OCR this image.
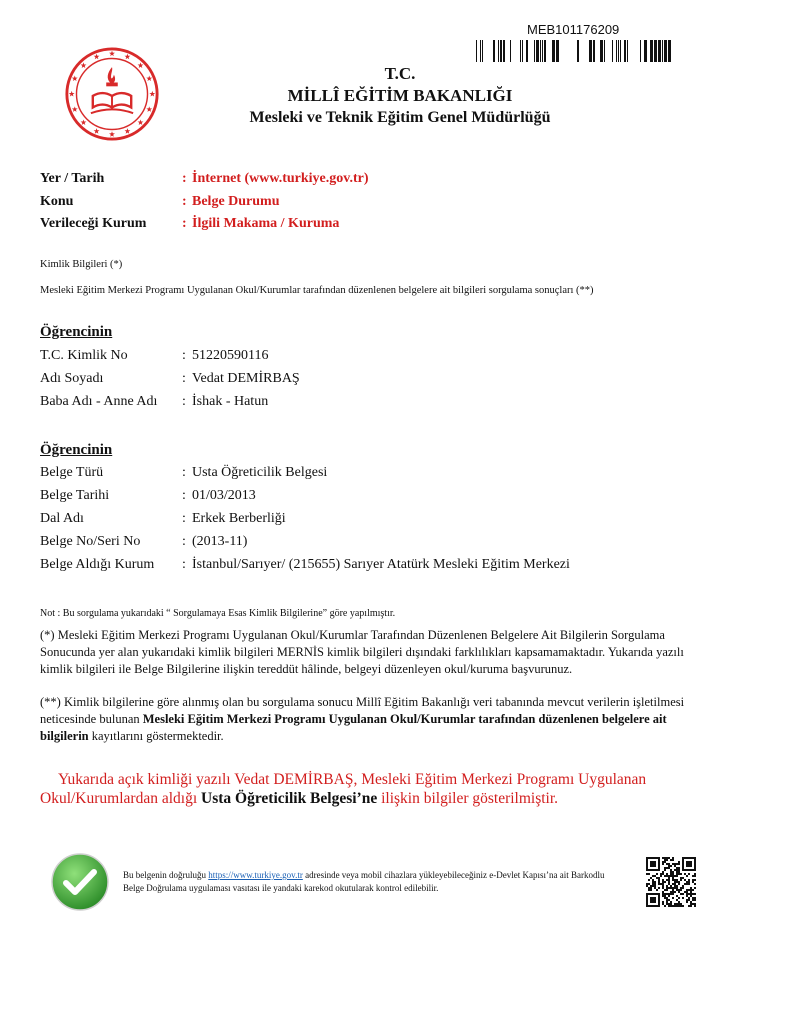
MEB101176209
T.C.
MİLLÎ EĞİTİM BAKANLIĞI
Mesleki ve Teknik Eğitim Genel Müdürlüğü
Yer / Tarih	: İnternet (www.turkiye.gov.tr)
Konu	: Belge Durumu
Verileceği Kurum	: İlgili Makama / Kuruma
Kimlik Bilgileri (*)
Mesleki Eğitim Merkezi Programı Uygulanan Okul/Kurumlar tarafından düzenlenen belgelere ait bilgileri sorgulama sonuçları (**)
Öğrencinin
T.C. Kimlik No	: 51220590116
Adı Soyadı	: Vedat DEMİRBAŞ
Baba Adı - Anne Adı	: İshak - Hatun
Öğrencinin
Belge Türü	: Usta Öğreticilik Belgesi
Belge Tarihi	: 01/03/2013
Dal Adı	: Erkek Berberliği
Belge No/Seri No	: (2013-11)
Belge Aldığı Kurum	: İstanbul/Sarıyer/ (215655) Sarıyer Atatürk Mesleki Eğitim Merkezi
Not : Bu sorgulama yukarıdaki “ Sorgulamaya Esas Kimlik Bilgilerine” göre yapılmıştır.
(*) Mesleki Eğitim Merkezi Programı Uygulanan Okul/Kurumlar Tarafından Düzenlenen Belgelere Ait Bilgilerin Sorgulama Sonucunda yer alan yukarıdaki kimlik bilgileri MERNİS kimlik bilgileri dışındaki farklılıkları kapsamamaktadır. Yukarıda yazılı kimlik bilgileri ile Belge Bilgilerine ilişkin tereddüt hâlinde, belgeyi düzenleyen okul/kuruma başvurunuz.
(**) Kimlik bilgilerine göre alınmış olan bu sorgulama sonucu Millî Eğitim Bakanlığı veri tabanında mevcut verilerin işletilmesi neticesinde bulunan Mesleki Eğitim Merkezi Programı Uygulanan Okul/Kurumlar tarafından düzenlenen belgelere ait bilgilerin kayıtlarını göstermektedir.
Yukarıda açık kimliği yazılı Vedat DEMİRBAŞ, Mesleki Eğitim Merkezi Programı Uygulanan Okul/Kurumlardan aldığı Usta Öğreticilik Belgesi’ne ilişkin bilgiler gösterilmiştir.
Bu belgenin doğruluğu https://www.turkiye.gov.tr adresinde veya mobil cihazlara yükleyebileceğiniz e-Devlet Kapısı’na ait Barkodlu Belge Doğrulama uygulaması vasıtası ile yandaki karekod okutularak kontrol edilebilir.
